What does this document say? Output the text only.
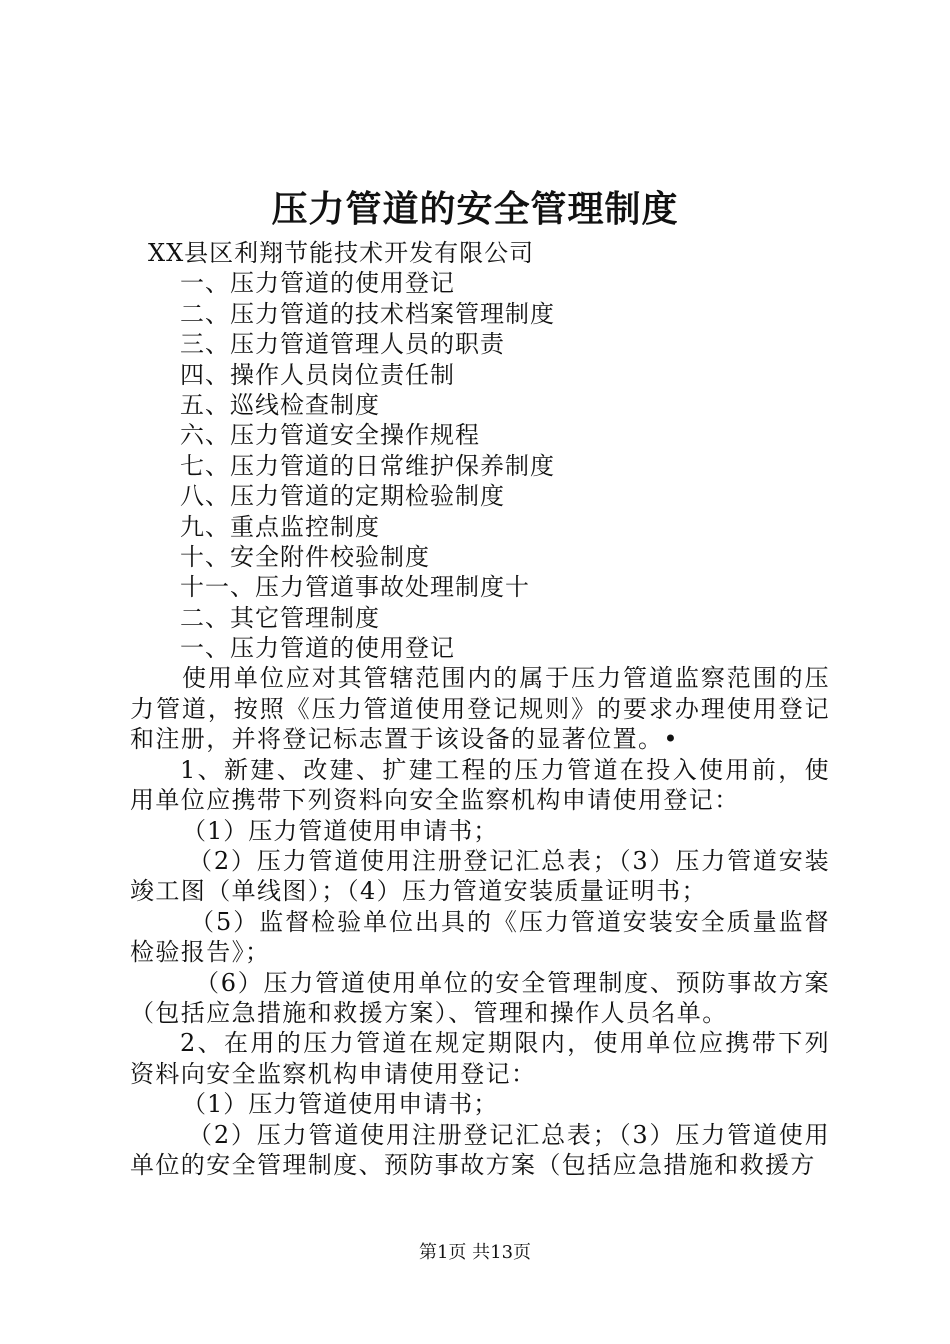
压力管道的安全管理制度
XX县区利翔节能技术开发有限公司
一、压力管道的使用登记
二、压力管道的技术档案管理制度
三、压力管道管理人员的职责
四、操作人员岗位责任制
五、巡线检查制度
六、压力管道安全操作规程
七、压力管道的日常维护保养制度
八、压力管道的定期检验制度
九、重点监控制度
十、安全附件校验制度
十一、压力管道事故处理制度十
二、其它管理制度
一、压力管道的使用登记
使用单位应对其管辖范围内的属于压力管道监察范围的压力管道，按照《压力管道使用登记规则》的要求办理使用登记和注册，并将登记标志置于该设备的显著位置。•
1、新建、改建、扩建工程的压力管道在投入使用前，使用单位应携带下列资料向安全监察机构申请使用登记：
（1）压力管道使用申请书；
（2）压力管道使用注册登记汇总表；（3）压力管道安装竣工图（单线图）；（4）压力管道安装质量证明书；
（5）监督检验单位出具的《压力管道安装安全质量监督检验报告》；
（6）压力管道使用单位的安全管理制度、预防事故方案（包括应急措施和救援方案）、管理和操作人员名单。
2、在用的压力管道在规定期限内，使用单位应携带下列资料向安全监察机构申请使用登记：
（1）压力管道使用申请书；
（2）压力管道使用注册登记汇总表；（3）压力管道使用单位的安全管理制度、预防事故方案（包括应急措施和救援方
第1页 共13页
